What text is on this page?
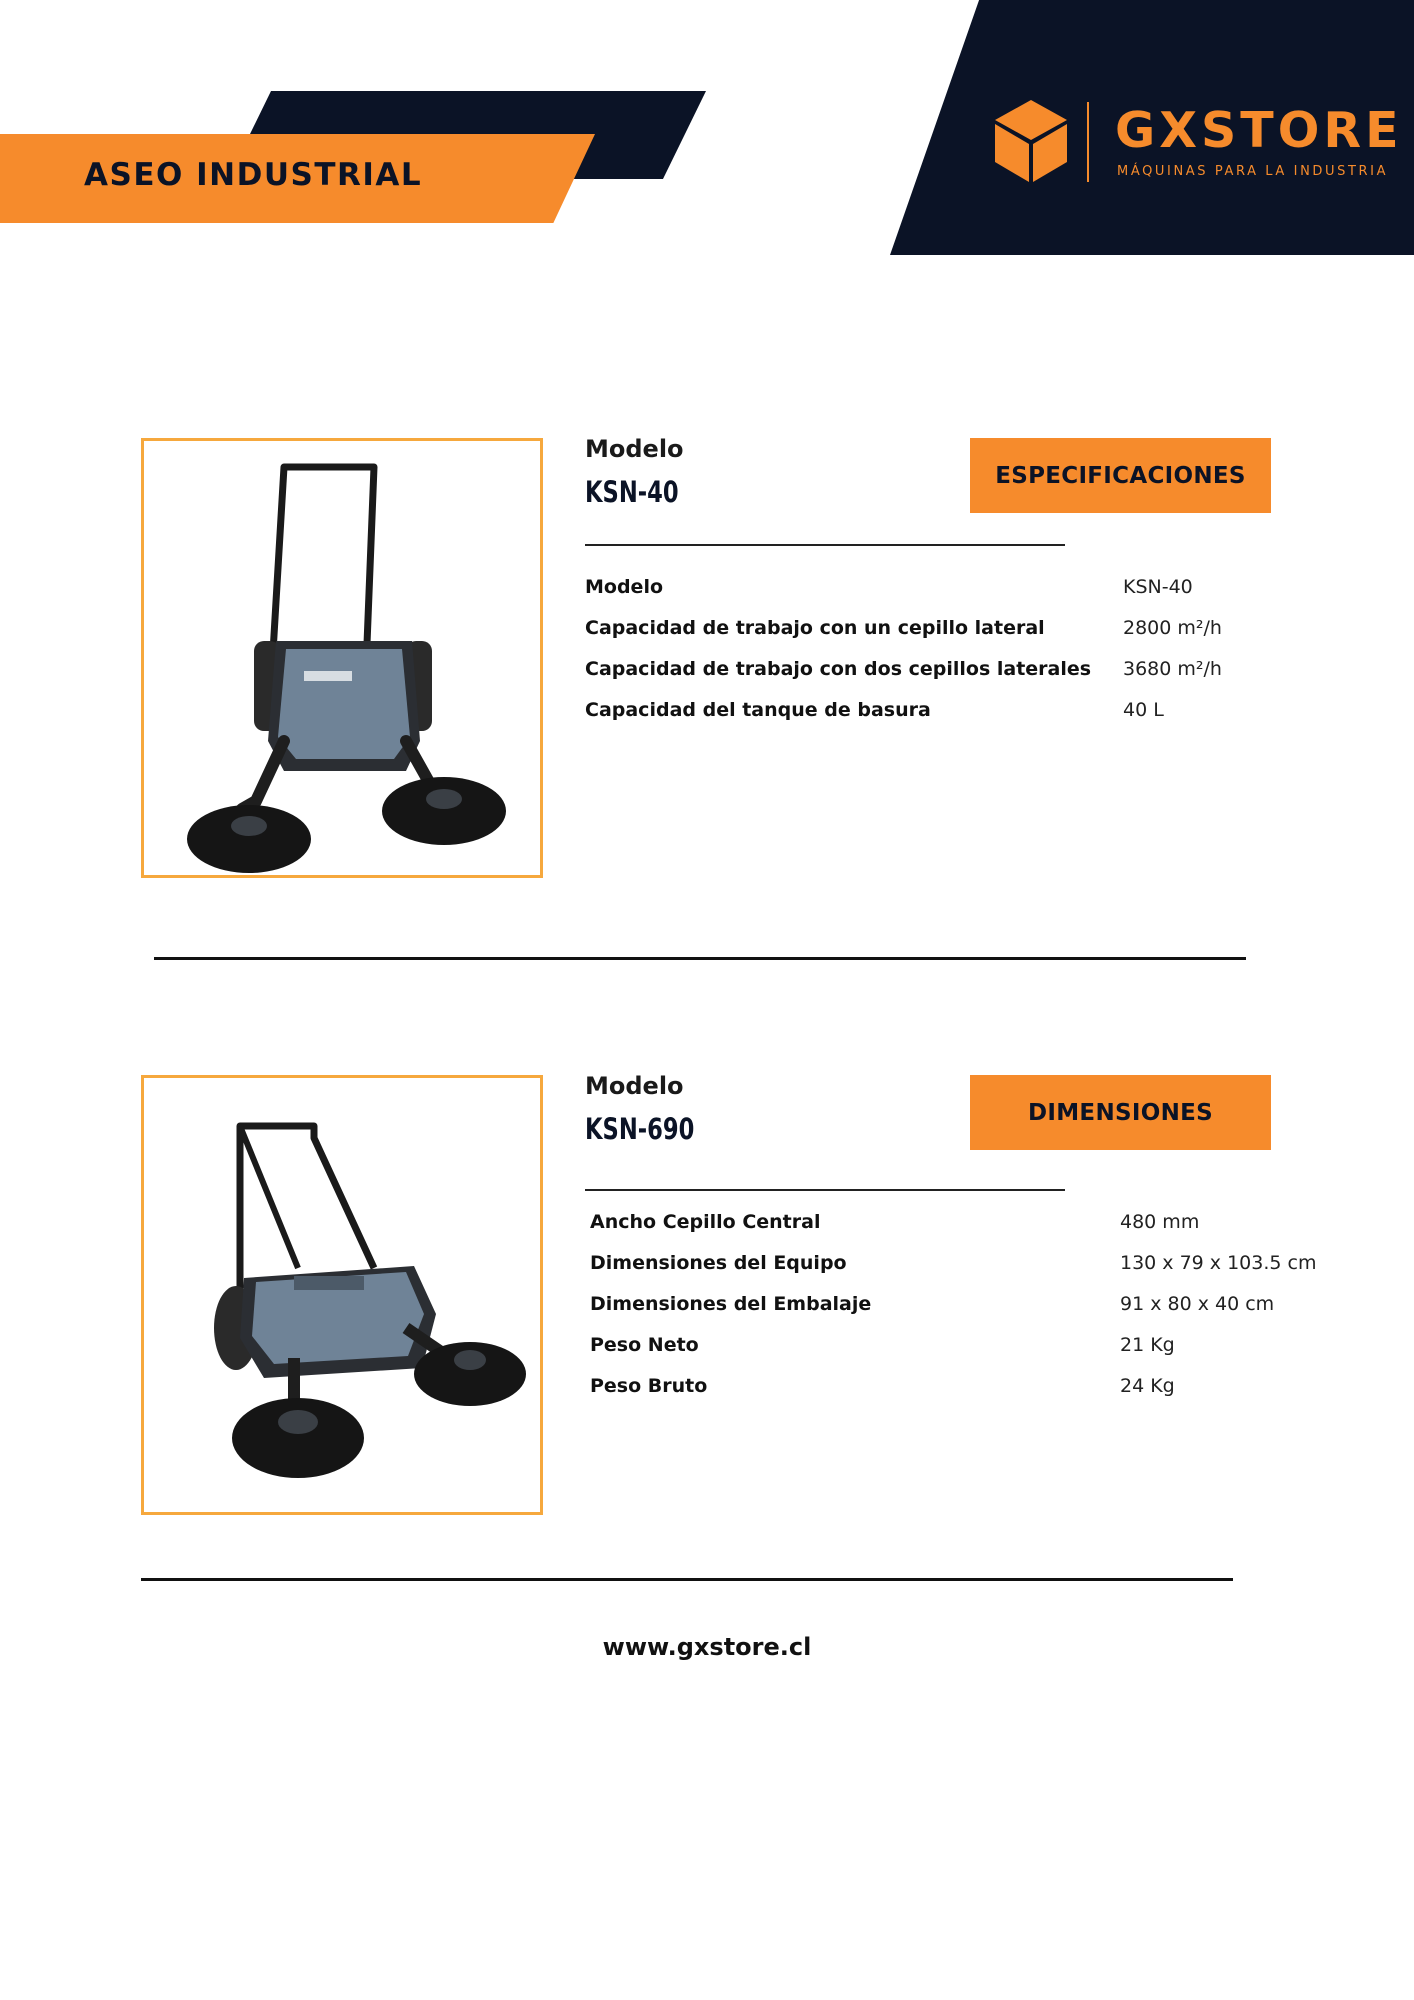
ASEO INDUSTRIAL
GXSTORE
MÁQUINAS PARA LA INDUSTRIA
Modelo
KSN-40	ESPECIFICACIONES
Modelo	KSN-40
Capacidad de trabajo con un cepillo lateral	2800 m²/h
Capacidad de trabajo con dos cepillos laterales	3680 m²/h
Capacidad del tanque de basura	40 L
Modelo
KSN-690	DIMENSIONES
Ancho Cepillo Central	480 mm
Dimensiones del Equipo	130 x 79 x 103.5 cm
Dimensiones del Embalaje	91 x 80 x 40 cm
Peso Neto	21 Kg
Peso Bruto	24 Kg
www.gxstore.cl
